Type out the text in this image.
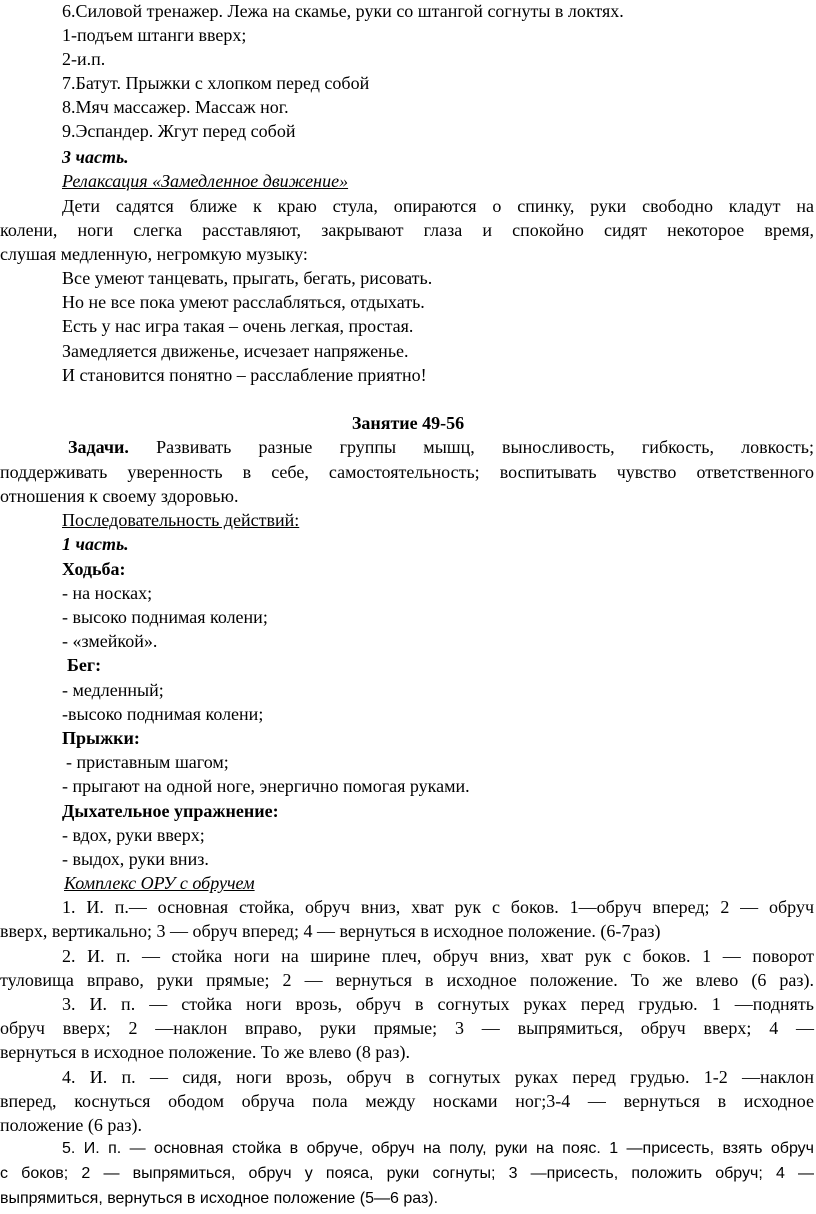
6.Силовой тренажер. Лежа на скамье, руки со штангой согнуты в локтях.
1-подъем штанги вверх;
2-и.п.
7.Батут. Прыжки с хлопком перед собой
8.Мяч массажер. Массаж ног.
9.Эспандер. Жгут перед собой
3 часть.
Релаксация «Замедленное движение»
Дети садятся ближе к краю стула, опираются о спинку, руки свободно кладут на
колени, ноги слегка расставляют, закрывают глаза и спокойно сидят некоторое время,
слушая медленную, негромкую музыку:
Все умеют танцевать, прыгать, бегать, рисовать.
Но не все пока умеют расслабляться, отдыхать.
Есть у нас игра такая – очень легкая, простая.
Замедляется движенье, исчезает напряженье.
И становится понятно – расслабление приятно!
Занятие 49-56
Задачи. Развивать разные группы мышц, выносливость, гибкость, ловкость;
поддерживать уверенность в себе, самостоятельность; воспитывать чувство ответственного
отношения к своему здоровью.
Последовательность действий:
1 часть.
Ходьба:
- на носках;
- высоко поднимая колени;
- «змейкой».
Бег:
- медленный;
-высоко поднимая колени;
Прыжки:
- приставным шагом;
- прыгают на одной ноге, энергично помогая руками.
Дыхательное упражнение:
- вдох, руки вверх;
- выдох, руки вниз.
Комплекс ОРУ с обручем
1. И. п.— основная стойка, обруч вниз, хват рук с боков. 1—обруч вперед; 2 — обруч
вверх, вертикально; 3 — обруч вперед; 4 — вернуться в исходное положение. (6-7раз)
2. И. п. — стойка ноги на ширине плеч, обруч вниз, хват рук с боков. 1 — поворот
туловища вправо, руки прямые; 2 — вернуться в исходное положение. То же влево (6 раз).
3. И. п. — стойка ноги врозь, обруч в согнутых руках перед грудью. 1 —поднять
обруч вверх; 2 —наклон вправо, руки прямые; 3 — выпрямиться, обруч вверх; 4 —
вернуться в исходное положение. То же влево (8 раз).
4. И. п. — сидя, ноги врозь, обруч в согнутых руках перед грудью. 1-2 —наклон
вперед, коснуться ободом обруча пола между носками ног;3-4 — вернуться в исходное
положение (6 раз).
5. И. п. — основная стойка в обруче, обруч на полу, руки на пояс. 1 —присесть, взять обруч
с боков; 2 — выпрямиться, обруч у пояса, руки согнуты; 3 —присесть, положить обруч; 4 —
выпрямиться, вернуться в исходное положение (5—6 раз).
